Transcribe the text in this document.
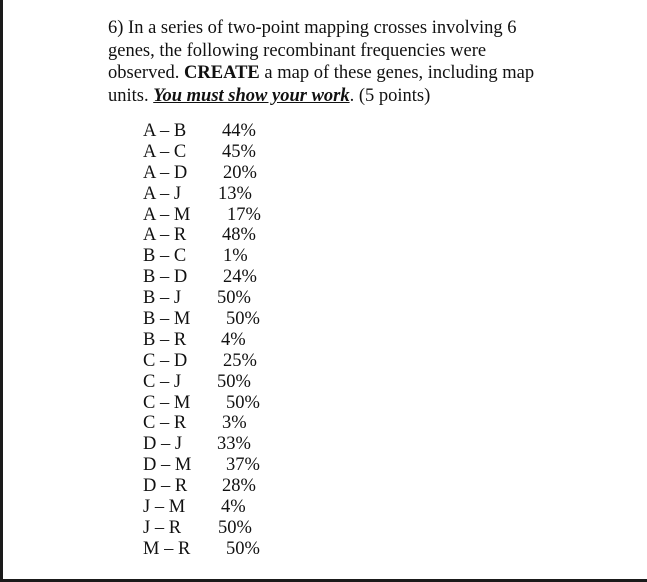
6) In a series of two-point mapping crosses involving 6 genes, the following recombinant frequencies were observed. CREATE a map of these genes, including map units. You must show your work. (5 points)

A – B 44%
A – C 45%
A – D 20%
A – J 13%
A – M 17%
A – R 48%
B – C 1%
B – D 24%
B – J 50%
B – M 50%
B – R 4%
C – D 25%
C – J 50%
C – M 50%
C – R 3%
D – J 33%
D – M 37%
D – R 28%
J – M 4%
J – R 50%
M – R 50%
